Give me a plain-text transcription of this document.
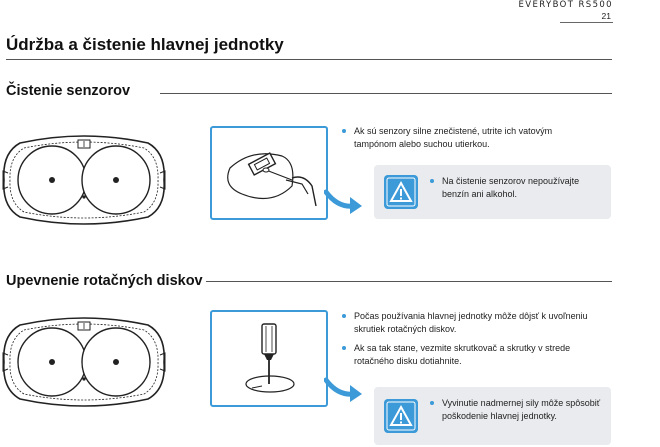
EVERYBOT RS500
21
Údržba a čistenie hlavnej jednotky
Čistenie senzorov
Ak sú senzory silne znečistené, utrite ich vatovým tampónom alebo suchou utierkou.
Na čistenie senzorov nepoužívajte benzín ani alkohol.
Upevnenie rotačných diskov
Počas používania hlavnej jednotky môže dôjsť k uvoľneniu skrutiek rotačných diskov.
Ak sa tak stane, vezmite skrutkovač a skrutky v strede rotačného disku dotiahnite.
Vyvinutie nadmernej sily môže spôsobiť poškodenie hlavnej jednotky.
